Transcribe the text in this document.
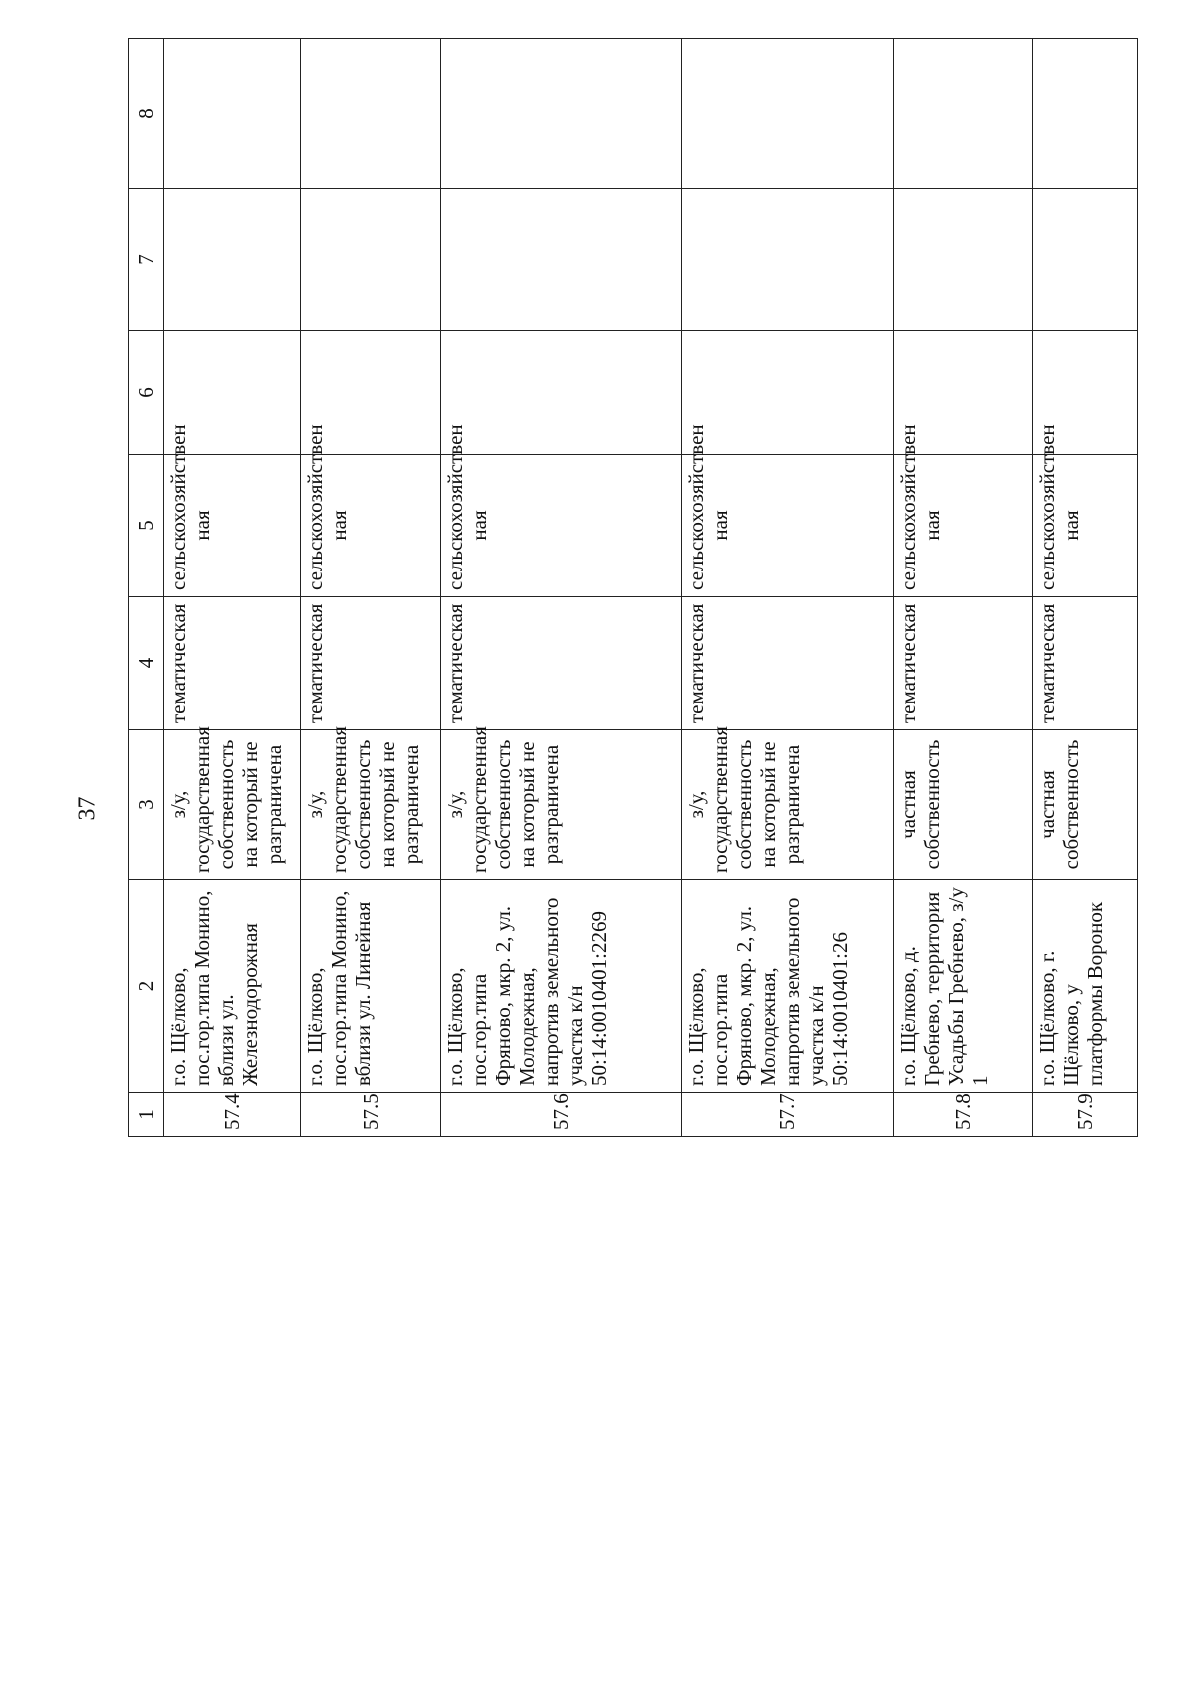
37
1	2	3	4	5	6	7	8
57.4	г.о. Щёлково, пос.гор.типа Монино, вблизи ул. Железнодорожная	з/у, государственная собственность на который не разграничена	тематическая	сельскохозяйствен ная			
57.5	г.о. Щёлково, пос.гор.типа Монино, вблизи ул. Линейная	з/у, государственная собственность на который не разграничена	тематическая	сельскохозяйствен ная			
57.6	г.о. Щёлково, пос.гор.типа Фряново, мкр. 2, ул. Молодежная, напротив земельного участка к/н 50:14:0010401:2269	з/у, государственная собственность на который не разграничена	тематическая	сельскохозяйствен ная			
57.7	г.о. Щёлково, пос.гор.типа Фряново, мкр. 2, ул. Молодежная, напротив земельного участка к/н 50:14:0010401:26	з/у, государственная собственность на который не разграничена	тематическая	сельскохозяйствен ная			
57.8	г.о. Щёлково, д. Гребнево, территория Усадьбы Гребнево, з/у 1	частная собственность	тематическая	сельскохозяйствен ная			
57.9	г.о. Щёлково, г. Щёлково, у платформы Воронок	частная собственность	тематическая	сельскохозяйствен ная			
